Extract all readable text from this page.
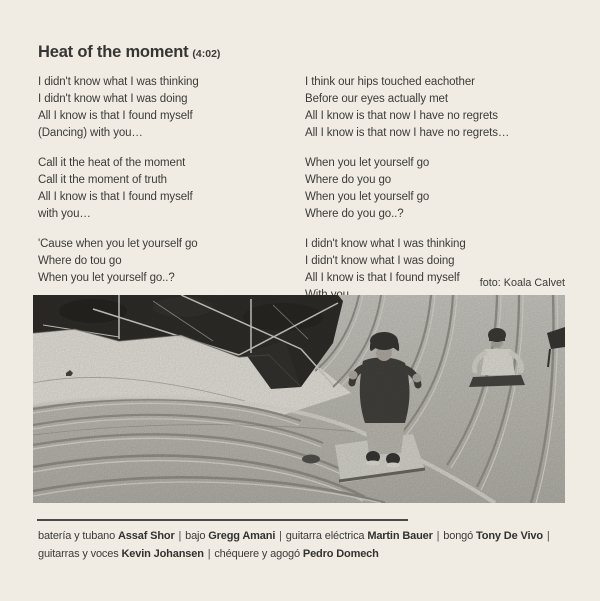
Heat of the moment (4:02)
I didn't know what I was thinking
I didn't know what I was doing
All I know is that I found myself
(Dancing) with you…
Call it the heat of the moment
Call it the moment of truth
All I know is that I found myself
with you…
'Cause when you let yourself go
Where do tou go
When you let yourself go..?
I think our hips touched eachother
Before our eyes actually met
All I know is that now I have no regrets
All I know is that now I have no regrets…
When you let yourself go
Where do you go
When you let yourself go
Where do you go..?
I didn't know what I was thinking
I didn't know what I was doing
All I know is that I found myself	foto: Koala Calvet

batería y tubano Assaf Shor | bajo Gregg Amani | guitarra eléctrica Martin Bauer | bongó Tony De Vivo | guitarras y voces Kevin Johansen | chéquere y agogó Pedro Domech
